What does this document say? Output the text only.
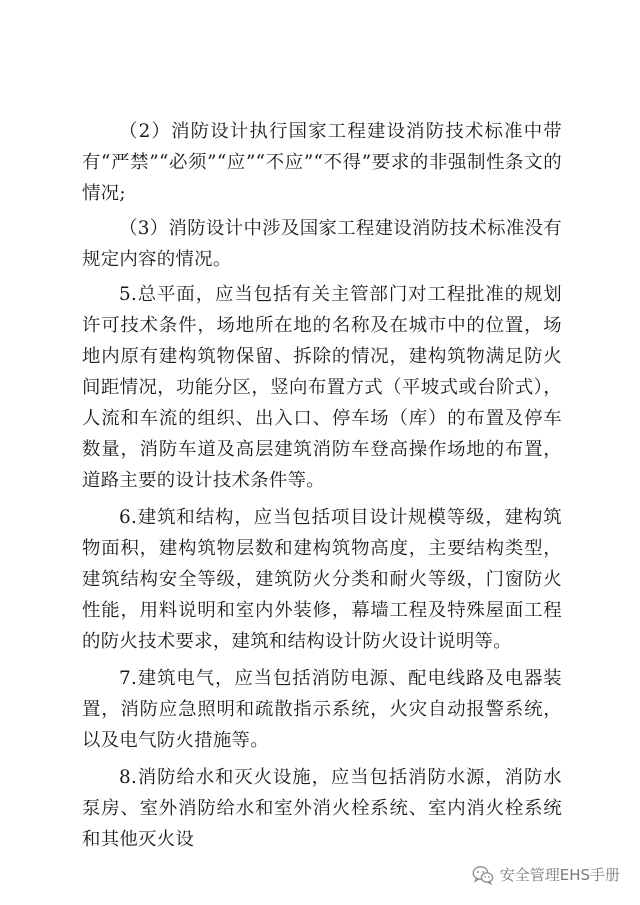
（2）消防设计执行国家工程建设消防技术标准中带有“严禁”“必须”“应”“不应”“不得”要求的非强制性条文的情况;

（3）消防设计中涉及国家工程建设消防技术标准没有规定内容的情况。

5.总平面，应当包括有关主管部门对工程批准的规划许可技术条件，场地所在地的名称及在城市中的位置，场地内原有建构筑物保留、拆除的情况，建构筑物满足防火间距情况，功能分区，竖向布置方式（平坡式或台阶式），人流和车流的组织、出入口、停车场（库）的布置及停车数量，消防车道及高层建筑消防车登高操作场地的布置，道路主要的设计技术条件等。

6.建筑和结构，应当包括项目设计规模等级，建构筑物面积，建构筑物层数和建构筑物高度，主要结构类型，建筑结构安全等级，建筑防火分类和耐火等级，门窗防火性能，用料说明和室内外装修，幕墙工程及特殊屋面工程的防火技术要求，建筑和结构设计防火设计说明等。

7.建筑电气，应当包括消防电源、配电线路及电器装置，消防应急照明和疏散指示系统，火灾自动报警系统，以及电气防火措施等。

8.消防给水和灭火设施，应当包括消防水源，消防水泵房、室外消防给水和室外消火栓系统、室内消火栓系统和其他灭火设

安全管理EHS手册
